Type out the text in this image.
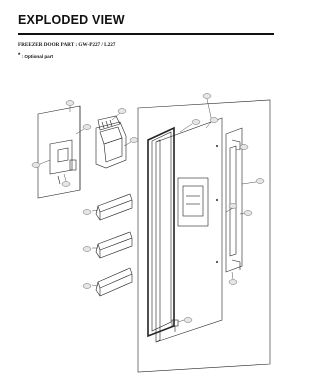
EXPLODED VIEW
FREEZER DOOR PART : GW-P227 / L227
* : Optional part
